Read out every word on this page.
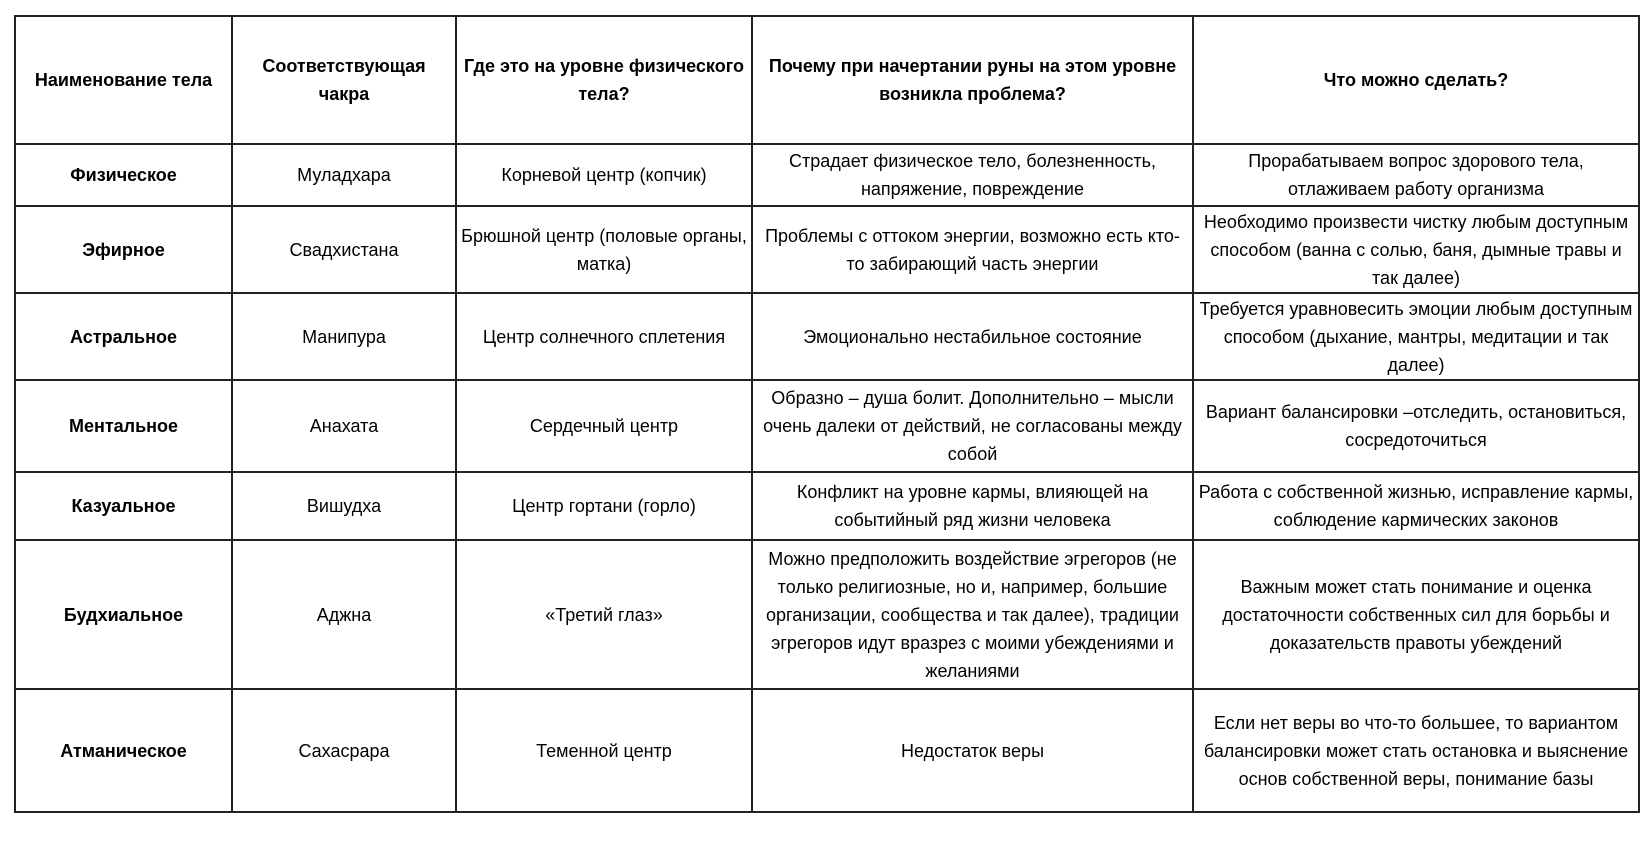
Наименование тела	Соответствующая чакра	Где это на уровне физического тела?	Почему при начертании руны на этом уровне возникла проблема?	Что можно сделать?
Физическое	Муладхара	Корневой центр (копчик)	Страдает физическое тело, болезненность, напряжение, повреждение	Прорабатываем вопрос здорового тела, отлаживаем работу организма
Эфирное	Свадхистана	Брюшной центр (половые органы, матка)	Проблемы с оттоком энергии, возможно есть кто-то забирающий часть энергии	Необходимо произвести чистку любым доступным способом (ванна с солью, баня, дымные травы и так далее)
Астральное	Манипура	Центр солнечного сплетения	Эмоционально нестабильное состояние	Требуется уравновесить эмоции любым доступным способом (дыхание, мантры, медитации и так далее)
Ментальное	Анахата	Сердечный центр	Образно – душа болит. Дополнительно – мысли очень далеки от действий, не согласованы между собой	Вариант балансировки –отследить, остановиться, сосредоточиться
Казуальное	Вишудха	Центр гортани (горло)	Конфликт на уровне кармы, влияющей на событийный ряд жизни человека	Работа с собственной жизнью, исправление кармы, соблюдение кармических законов
Будхиальное	Аджна	«Третий глаз»	Можно предположить воздействие эгрегоров (не только религиозные, но и, например, большие организации, сообщества и так далее), традиции эгрегоров идут вразрез с моими убеждениями и желаниями	Важным может стать понимание и оценка достаточности собственных сил для борьбы и доказательств правоты убеждений
Атманическое	Сахасрара	Теменной центр	Недостаток веры	Если нет веры во что-то большее, то вариантом балансировки может стать остановка и выяснение основ собственной веры, понимание базы
